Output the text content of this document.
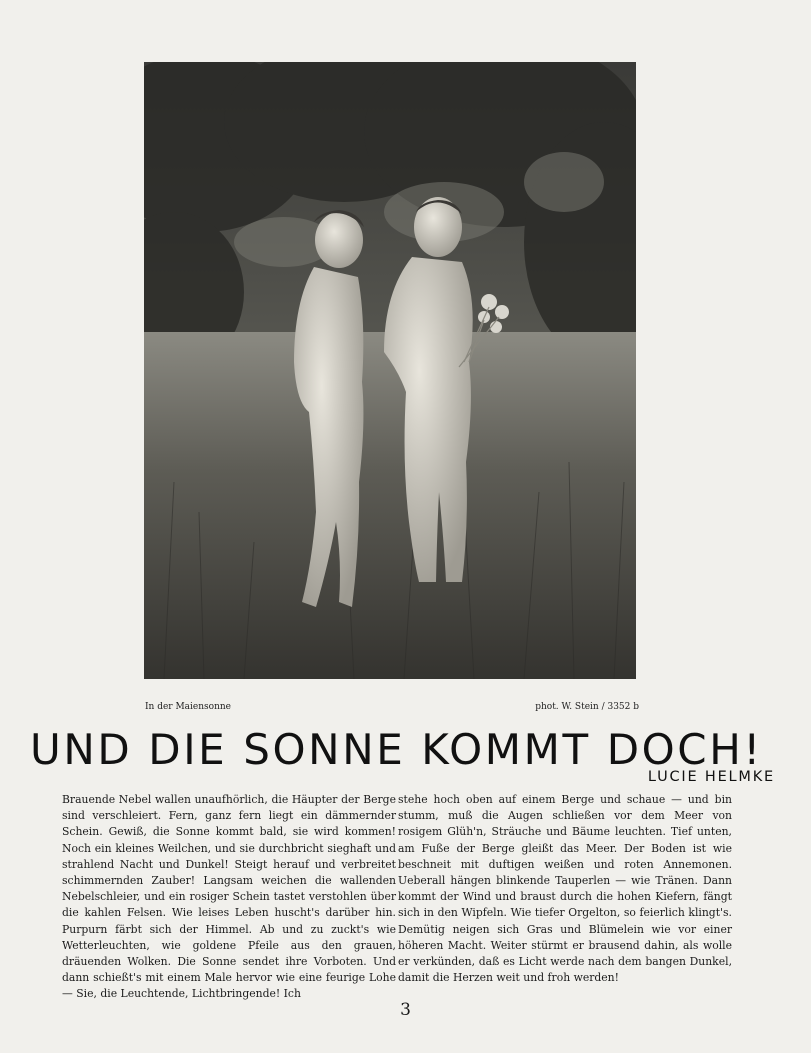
In der Maiensonne	phot. W. Stein / 3352 b
UND DIE SONNE KOMMT DOCH!
LUCIE HELMKE

Brauende Nebel wallen unaufhörlich, die Häupter der Berge sind verschleiert. Fern, ganz fern liegt ein dämmernder Schein. Gewiß, die Sonne kommt bald, sie wird kommen! Noch ein kleines Weilchen, und sie durchbricht sieghaft und strahlend Nacht und Dunkel! Steigt herauf und verbreitet schimmernden Zauber! Langsam weichen die wallenden Nebelschleier, und ein rosiger Schein tastet verstohlen über die kahlen Felsen. Wie leises Leben huscht's darüber hin. Purpurn färbt sich der Himmel. Ab und zu zuckt's wie Wetterleuchten, wie goldene Pfeile aus den grauen, dräuenden Wolken. Die Sonne sendet ihre Vorboten. Und dann schießt's mit einem Male hervor wie eine feurige Lohe — Sie, die Leuchtende, Lichtbringende! Ich

stehe hoch oben auf einem Berge und schaue — und bin stumm, muß die Augen schließen vor dem Meer von rosigem Glüh'n, Sträuche und Bäume leuchten. Tief unten, am Fuße der Berge gleißt das Meer. Der Boden ist wie beschneit mit duftigen weißen und roten Annemonen. Ueberall hängen blinkende Tauperlen — wie Tränen. Dann kommt der Wind und braust durch die hohen Kiefern, fängt sich in den Wipfeln. Wie tiefer Orgelton, so feierlich klingt's. Demütig neigen sich Gras und Blümelein wie vor einer höheren Macht. Weiter stürmt er brausend dahin, als wolle er verkünden, daß es Licht werde nach dem bangen Dunkel, damit die Herzen weit und froh werden!

3
